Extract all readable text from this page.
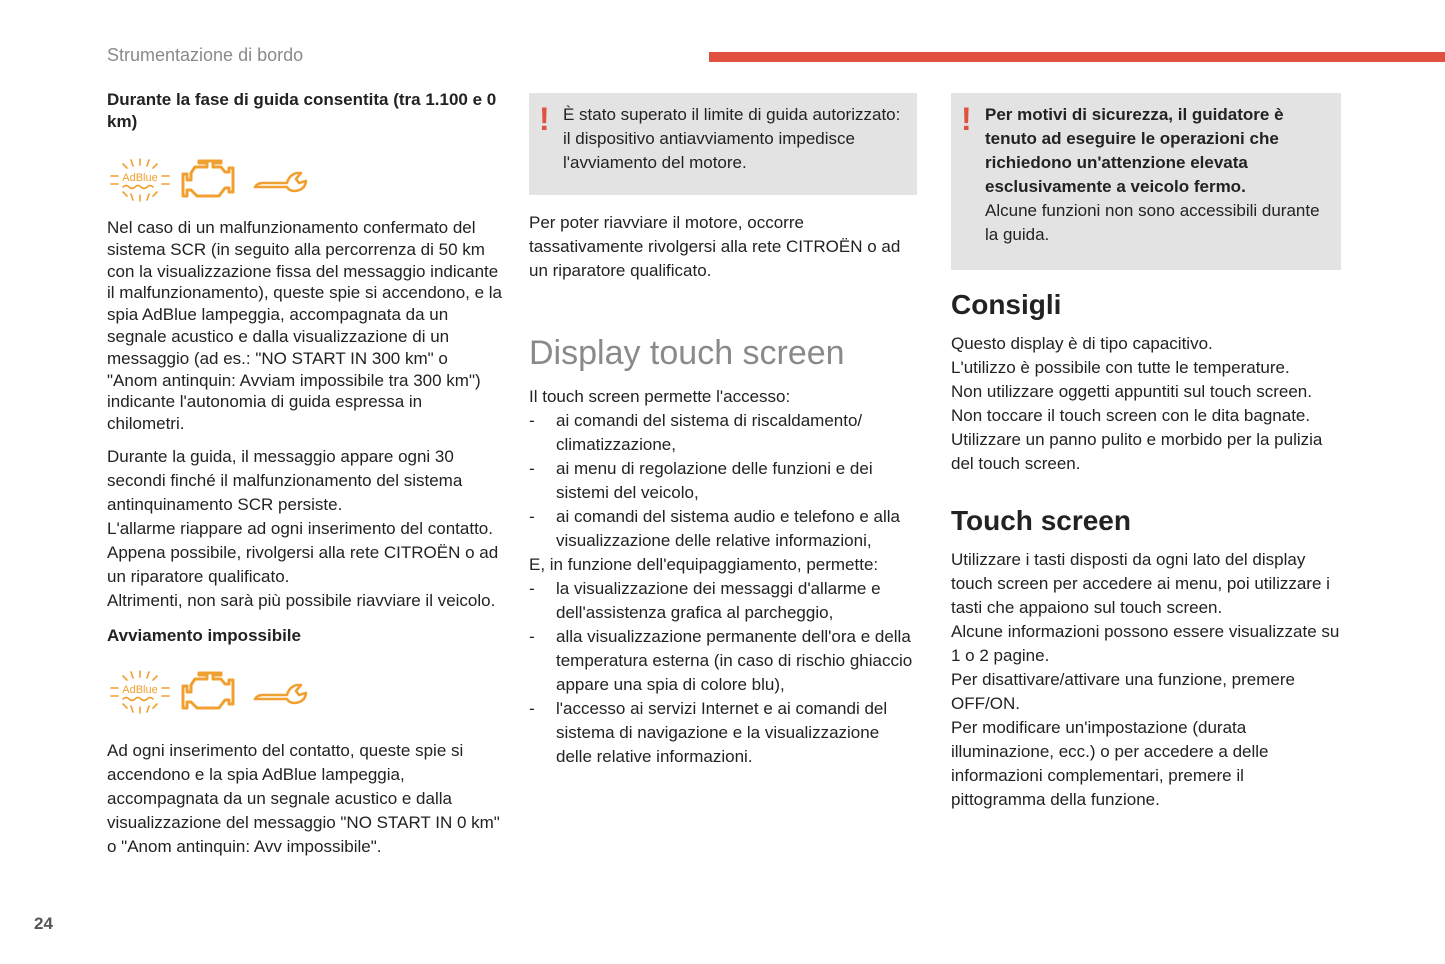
Strumentazione di bordo
24

Durante la fase di guida consentita (tra 1.100 e 0 km)

AdBlue

Nel caso di un malfunzionamento confermato del sistema SCR (in seguito alla percorrenza di 50 km con la visualizzazione fissa del messaggio indicante il malfunzionamento), queste spie si accendono, e la spia AdBlue lampeggia, accompagnata da un segnale acustico e dalla visualizzazione di un messaggio (ad es.: "NO START IN 300 km" o "Anom antinquin: Avviam impossibile tra 300 km") indicante l'autonomia di guida espressa in chilometri.

Durante la guida, il messaggio appare ogni 30 secondi finché il malfunzionamento del sistema antinquinamento SCR persiste.

L'allarme riappare ad ogni inserimento del contatto.

Appena possibile, rivolgersi alla rete CITROËN o ad un riparatore qualificato.

Altrimenti, non sarà più possibile riavviare il veicolo.

Avviamento impossibile

AdBlue

Ad ogni inserimento del contatto, queste spie si accendono e la spia AdBlue lampeggia, accompagnata da un segnale acustico e dalla visualizzazione del messaggio "NO START IN 0 km" o "Anom antinquin: Avv impossibile".

! È stato superato il limite di guida autorizzato: il dispositivo antiavviamento impedisce l'avviamento del motore.

Per poter riavviare il motore, occorre tassativamente rivolgersi alla rete CITROËN o ad un riparatore qualificato.

Display touch screen

Il touch screen permette l'accesso:

- ai comandi del sistema di riscaldamento/ climatizzazione,
- ai menu di regolazione delle funzioni e dei sistemi del veicolo,
- ai comandi del sistema audio e telefono e alla visualizzazione delle relative informazioni,

E, in funzione dell'equipaggiamento, permette:

- la visualizzazione dei messaggi d'allarme e dell'assistenza grafica al parcheggio,
- alla visualizzazione permanente dell'ora e della temperatura esterna (in caso di rischio ghiaccio appare una spia di colore blu),
- l'accesso ai servizi Internet e ai comandi del sistema di navigazione e la visualizzazione delle relative informazioni.
! Per motivi di sicurezza, il guidatore è tenuto ad eseguire le operazioni che richiedono un'attenzione elevata esclusivamente a veicolo fermo.

Alcune funzioni non sono accessibili durante la guida.

Consigli

Questo display è di tipo capacitivo.

L'utilizzo è possibile con tutte le temperature.

Non utilizzare oggetti appuntiti sul touch screen.

Non toccare il touch screen con le dita bagnate.

Utilizzare un panno pulito e morbido per la pulizia del touch screen.

Touch screen

Utilizzare i tasti disposti da ogni lato del display touch screen per accedere ai menu, poi utilizzare i tasti che appaiono sul touch screen.

Alcune informazioni possono essere visualizzate su 1 o 2 pagine.

Per disattivare/attivare una funzione, premere OFF/ON.

Per modificare un'impostazione (durata illuminazione, ecc.) o per accedere a delle informazioni complementari, premere il pittogramma della funzione.
